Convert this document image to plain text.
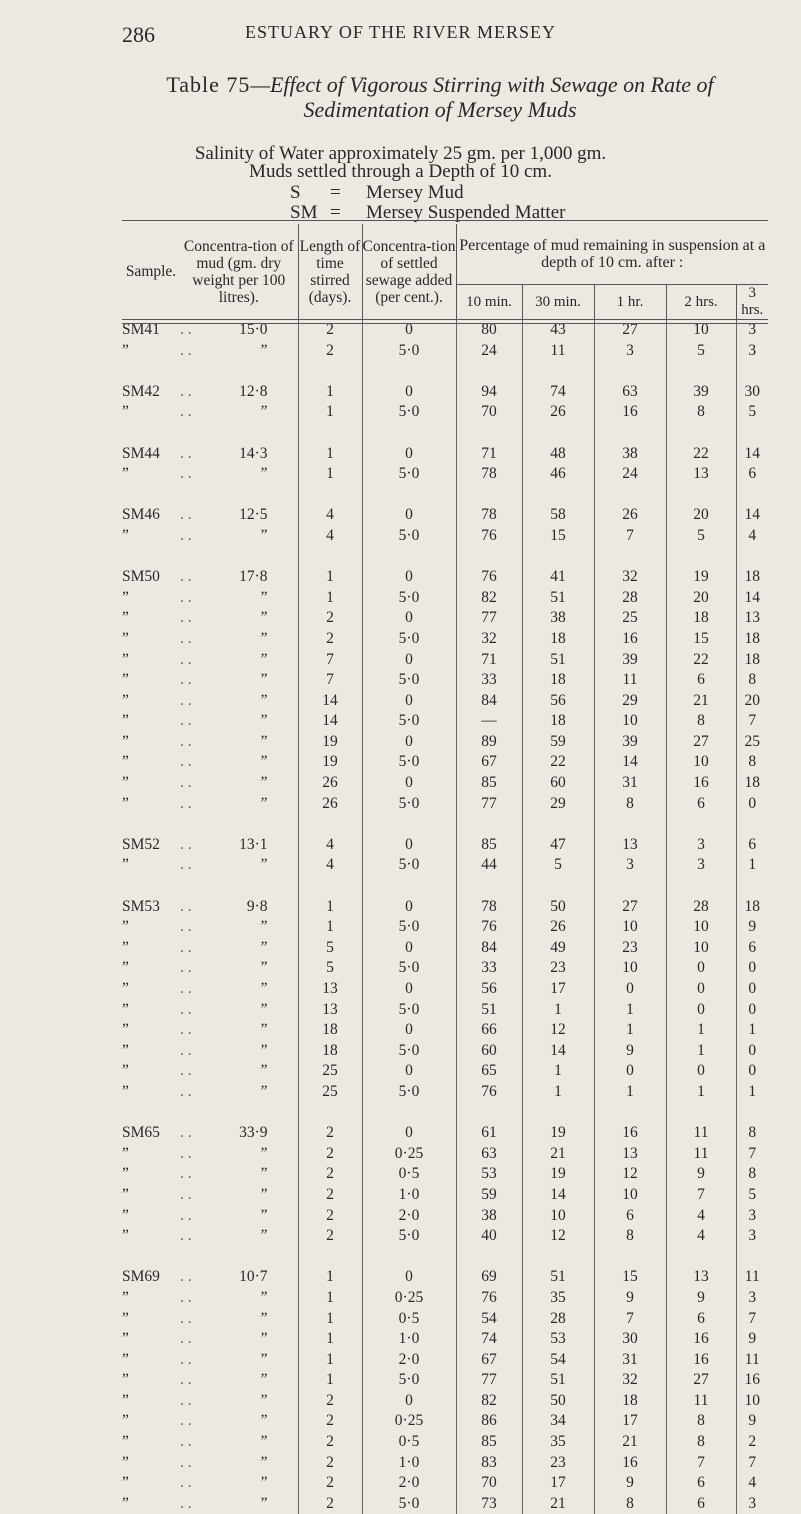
ESTUARY OF THE RIVER MERSEY
286
Table 75—Effect of Vigorous Stirring with Sewage on Rate of Sedimentation of Mersey Muds
Salinity of Water approximately 25 gm. per 1,000 gm.
Muds settled through a Depth of 10 cm.
S = Mersey Mud
SM = Mersey Suspended Matter
Sample.	Concentra-tion of mud (gm. dry weight per 100 litres).		Length of time stirred (days).	Concentra-tion of settled sewage added (per cent.).	Percentage of mud remaining in suspension at a depth of 10 cm. after :				
					10 min.	30 min.	1 hr.	2 hrs.	3 hrs.
SM41	. .	15·0	2	0	80	43	27	10	3
”	. .	”	2	5·0	24	11	3	5	3

SM42	. .	12·8	1	0	94	74	63	39	30
”	. .	”	1	5·0	70	26	16	8	5

SM44	. .	14·3	1	0	71	48	38	22	14
”	. .	”	1	5·0	78	46	24	13	6

SM46	. .	12·5	4	0	78	58	26	20	14
”	. .	”	4	5·0	76	15	7	5	4

SM50	. .	17·8	1	0	76	41	32	19	18
”	. .	”	1	5·0	82	51	28	20	14
”	. .	”	2	0	77	38	25	18	13
”	. .	”	2	5·0	32	18	16	15	18
”	. .	”	7	0	71	51	39	22	18
”	. .	”	7	5·0	33	18	11	6	8
”	. .	”	14	0	84	56	29	21	20
”	. .	”	14	5·0	—	18	10	8	7
”	. .	”	19	0	89	59	39	27	25
”	. .	”	19	5·0	67	22	14	10	8
”	. .	”	26	0	85	60	31	16	18
”	. .	”	26	5·0	77	29	8	6	0

SM52	. .	13·1	4	0	85	47	13	3	6
”	. .	”	4	5·0	44	5	3	3	1

SM53	. .	9·8	1	0	78	50	27	28	18
”	. .	”	1	5·0	76	26	10	10	9
”	. .	”	5	0	84	49	23	10	6
”	. .	”	5	5·0	33	23	10	0	0
”	. .	”	13	0	56	17	0	0	0
”	. .	”	13	5·0	51	1	1	0	0
”	. .	”	18	0	66	12	1	1	1
”	. .	”	18	5·0	60	14	9	1	0
”	. .	”	25	0	65	1	0	0	0
”	. .	”	25	5·0	76	1	1	1	1

SM65	. .	33·9	2	0	61	19	16	11	8
”	. .	”	2	0·25	63	21	13	11	7
”	. .	”	2	0·5	53	19	12	9	8
”	. .	”	2	1·0	59	14	10	7	5
”	. .	”	2	2·0	38	10	6	4	3
”	. .	”	2	5·0	40	12	8	4	3

SM69	. .	10·7	1	0	69	51	15	13	11
”	. .	”	1	0·25	76	35	9	9	3
”	. .	”	1	0·5	54	28	7	6	7
”	. .	”	1	1·0	74	53	30	16	9
”	. .	”	1	2·0	67	54	31	16	11
”	. .	”	1	5·0	77	51	32	27	16
”	. .	”	2	0	82	50	18	11	10
”	. .	”	2	0·25	86	34	17	8	9
”	. .	”	2	0·5	85	35	21	8	2
”	. .	”	2	1·0	83	23	16	7	7
”	. .	”	2	2·0	70	17	9	6	4
”	. .	”	2	5·0	73	21	8	6	3
